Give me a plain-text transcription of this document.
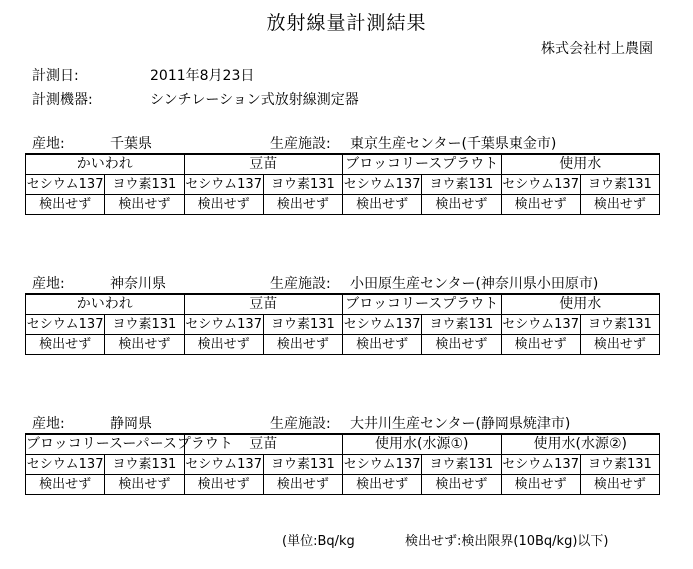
放射線量計測結果
株式会社村上農園
計測日:	2011年8月23日
計測機器:	シンチレーション式放射線測定器
産地:	千葉県	生産施設: 東京生産センター(千葉県東金市)
かいわれ		豆苗		ブロッコリースプラウト		使用水	
セシウム137	ヨウ素131	セシウム137	ヨウ素131	セシウム137	ヨウ素131	セシウム137	ヨウ素131
検出せず	検出せず	検出せず	検出せず	検出せず	検出せず	検出せず	検出せず
産地:	神奈川県	生産施設: 小田原生産センター(神奈川県小田原市)
かいわれ		豆苗		ブロッコリースプラウト		使用水	
セシウム137	ヨウ素131	セシウム137	ヨウ素131	セシウム137	ヨウ素131	セシウム137	ヨウ素131
検出せず	検出せず	検出せず	検出せず	検出せず	検出せず	検出せず	検出せず
産地:	静岡県	生産施設: 大井川生産センター(静岡県焼津市)
ブロッコリースーパースプラウト		豆苗		使用水(水源①)		使用水(水源②)	
セシウム137	ヨウ素131	セシウム137	ヨウ素131	セシウム137	ヨウ素131	セシウム137	ヨウ素131
検出せず	検出せず	検出せず	検出せず	検出せず	検出せず	検出せず	検出せず
(単位:Bq/kg	検出せず:検出限界(10Bq/kg)以下)
